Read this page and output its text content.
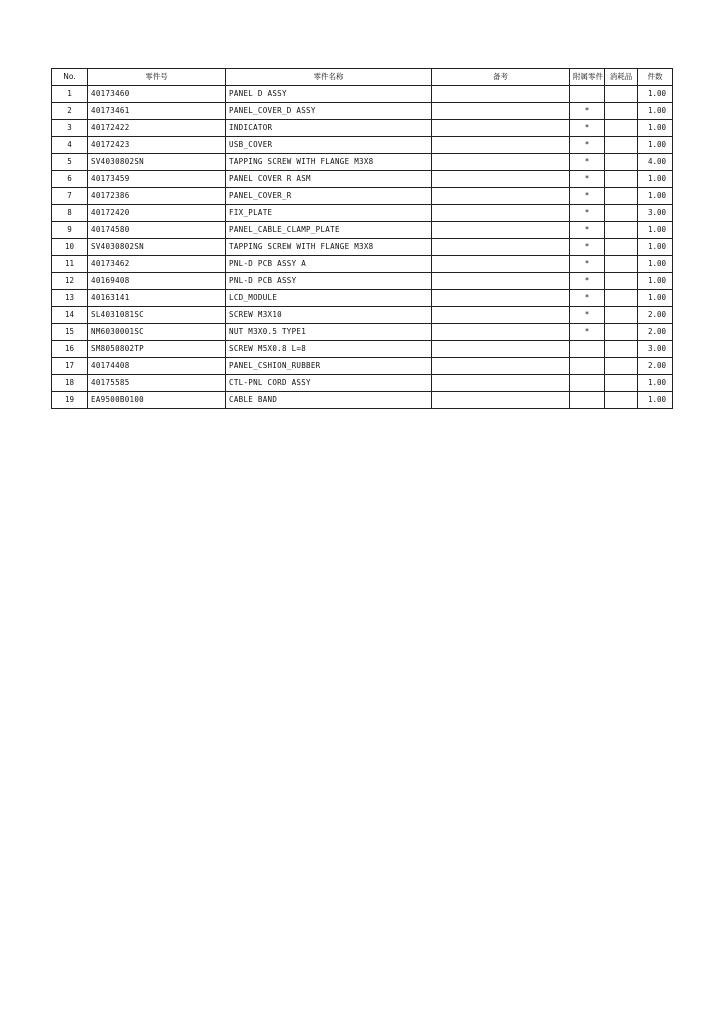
No.	零件号	零件名称	备考	附属零件	消耗品	件数
1	40173460	PANEL D ASSY				1.00
2	40173461	PANEL_COVER_D ASSY		*		1.00
3	40172422	INDICATOR		*		1.00
4	40172423	USB_COVER		*		1.00
5	SV4030802SN	TAPPING SCREW WITH FLANGE M3X8		*		4.00
6	40173459	PANEL COVER R ASM		*		1.00
7	40172386	PANEL_COVER_R		*		1.00
8	40172420	FIX_PLATE		*		3.00
9	40174580	PANEL_CABLE_CLAMP_PLATE		*		1.00
10	SV4030802SN	TAPPING SCREW WITH FLANGE M3X8		*		1.00
11	40173462	PNL-D PCB ASSY A		*		1.00
12	40169408	PNL-D PCB ASSY		*		1.00
13	40163141	LCD_MODULE		*		1.00
14	SL4031081SC	SCREW M3X10		*		2.00
15	NM6030001SC	NUT M3X0.5 TYPE1		*		2.00
16	SM8050802TP	SCREW M5X0.8 L=8				3.00
17	40174408	PANEL_CSHION_RUBBER				2.00
18	40175585	CTL-PNL CORD ASSY				1.00
19	EA9500B0100	CABLE BAND				1.00
